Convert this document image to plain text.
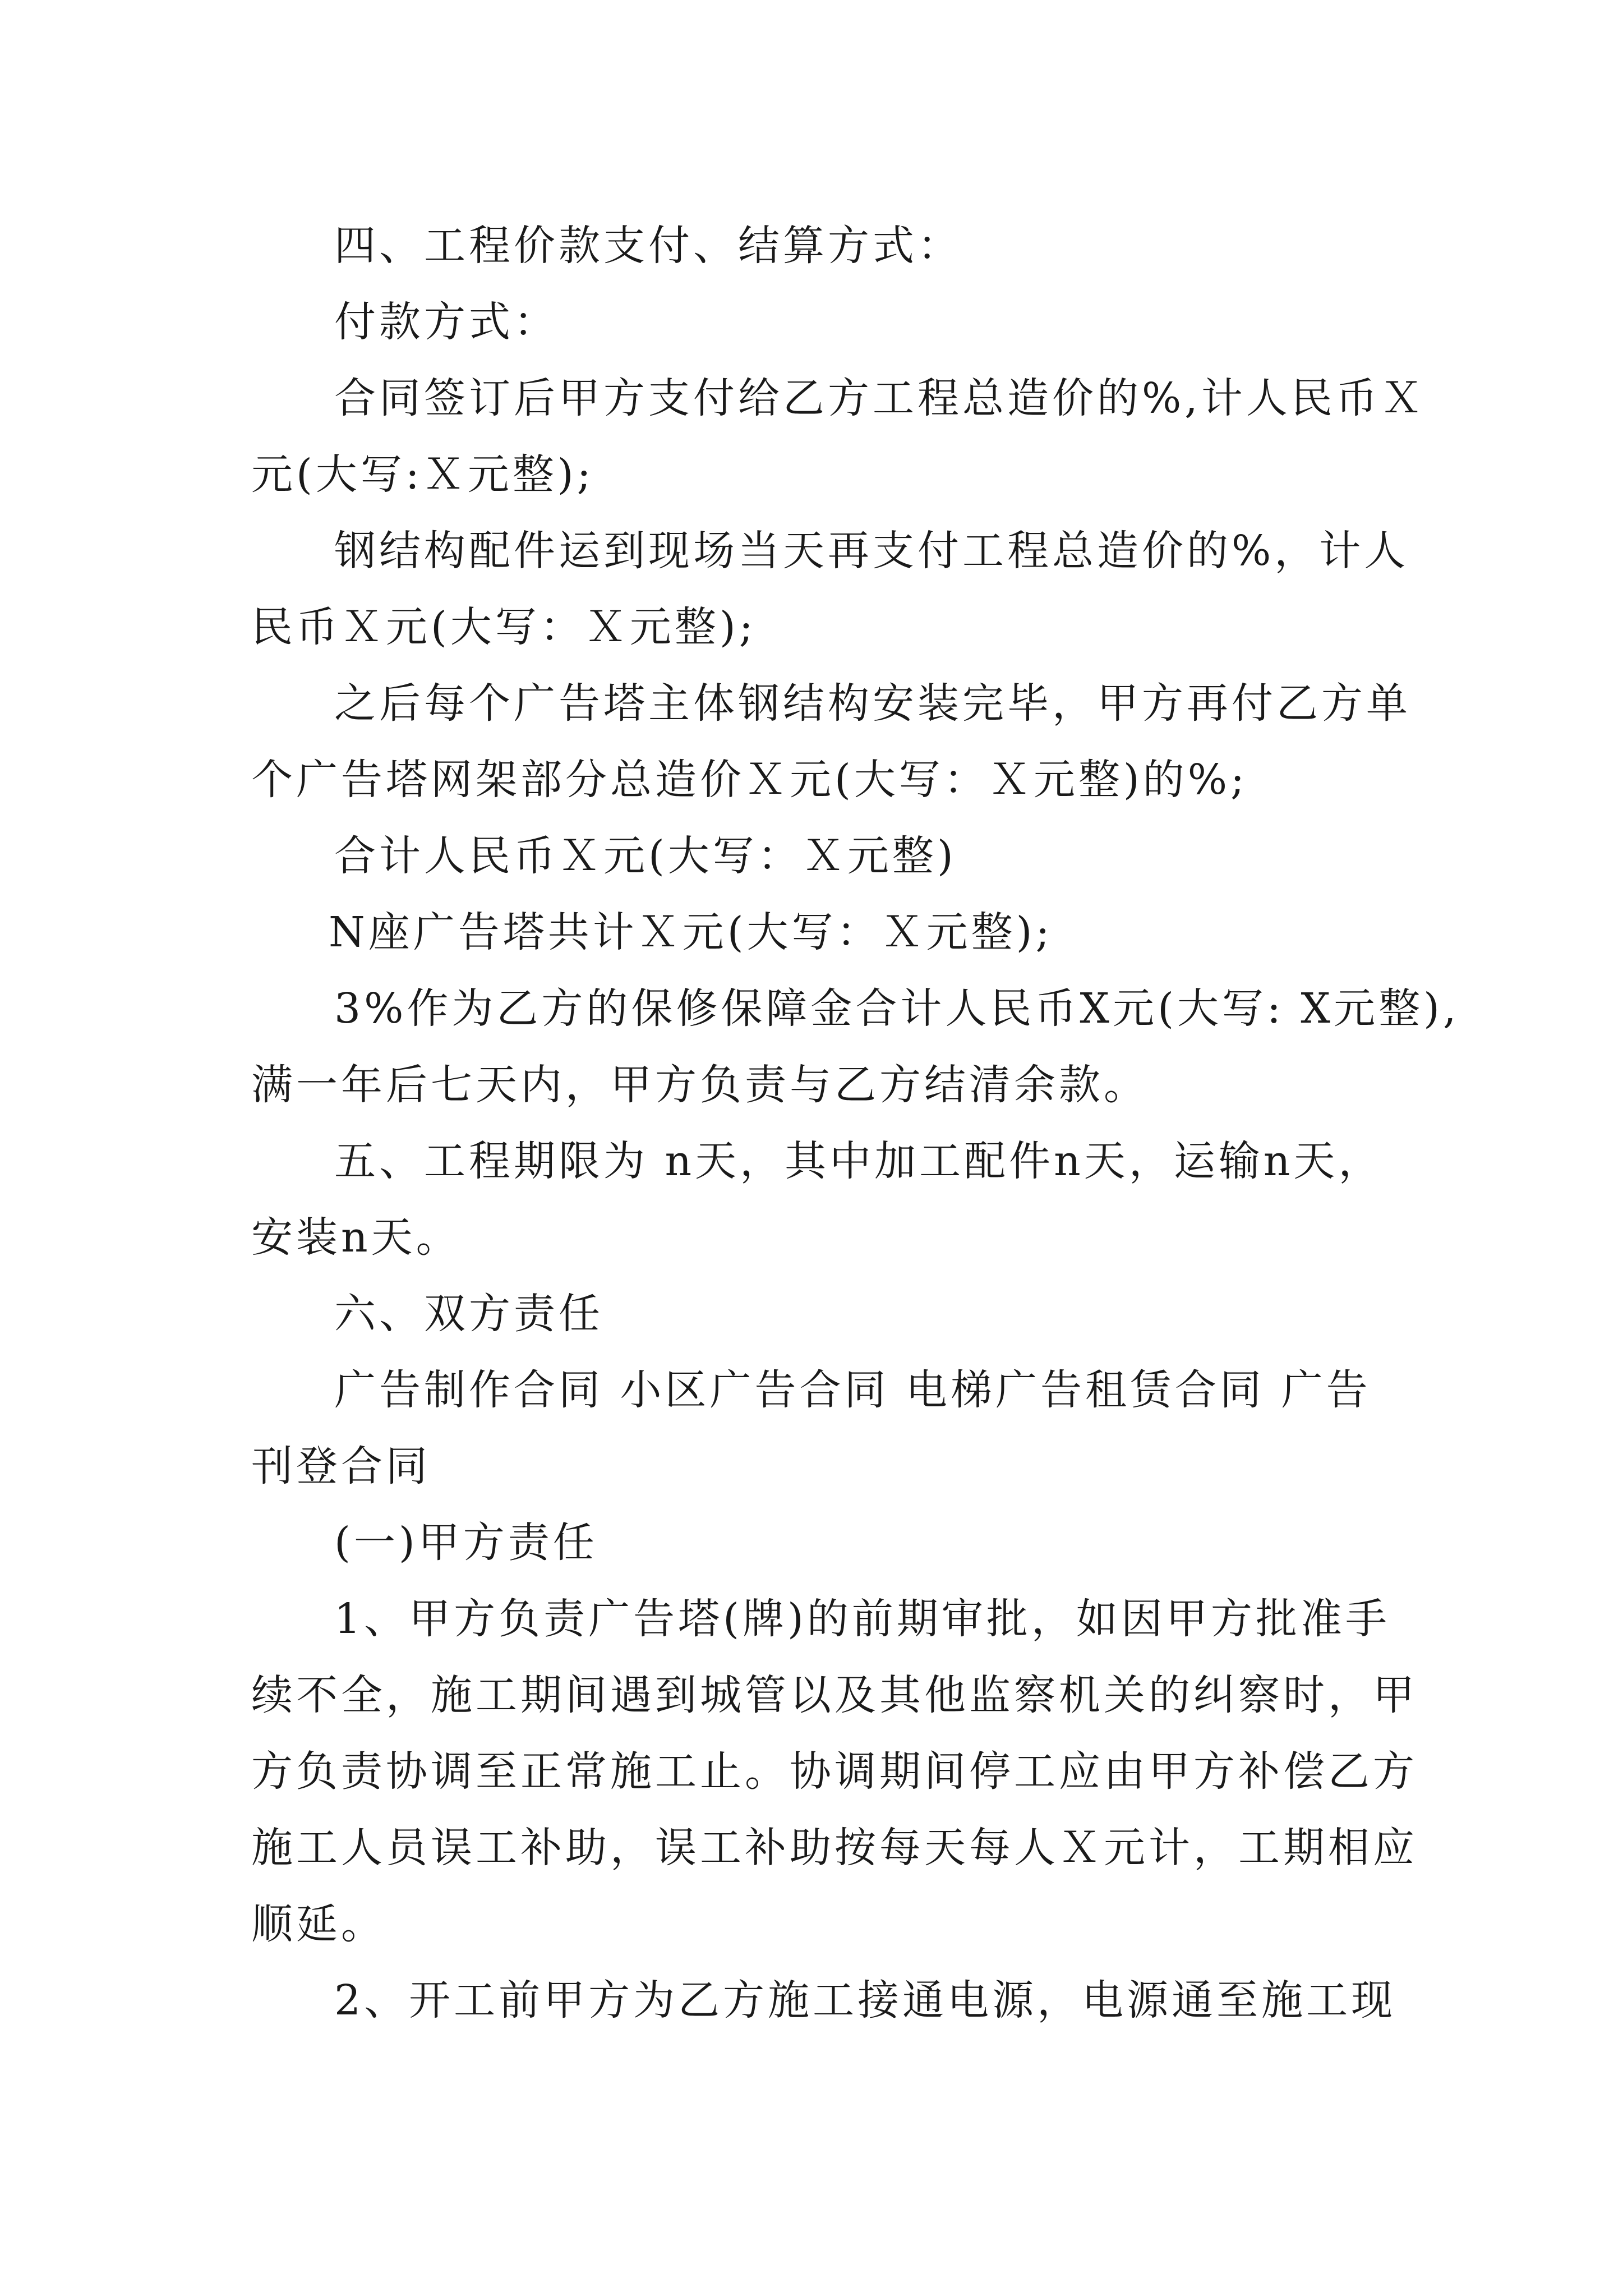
四、工程价款支付、结算方式：
付款方式：
合同签订后甲方支付给乙方工程总造价的%,计人民币Ｘ
元(大写:Ｘ元整);
钢结构配件运到现场当天再支付工程总造价的%，计人
民币Ｘ元(大写：Ｘ元整);
之后每个广告塔主体钢结构安装完毕，甲方再付乙方单
个广告塔网架部分总造价Ｘ元(大写：Ｘ元整)的%;
合计人民币Ｘ元(大写：Ｘ元整)
N座广告塔共计Ｘ元(大写：Ｘ元整);
3%作为乙方的保修保障金合计人民币X元(大写: X元整),
满一年后七天内，甲方负责与乙方结清余款。
五、工程期限为 n天，其中加工配件n天，运输n天，
安装n天。
六、双方责任
广告制作合同 小区广告合同 电梯广告租赁合同 广告
刊登合同
(一)甲方责任
1、甲方负责广告塔(牌)的前期审批，如因甲方批准手
续不全，施工期间遇到城管以及其他监察机关的纠察时，甲
方负责协调至正常施工止。协调期间停工应由甲方补偿乙方
施工人员误工补助，误工补助按每天每人Ｘ元计，工期相应
顺延。
2、开工前甲方为乙方施工接通电源，电源通至施工现
